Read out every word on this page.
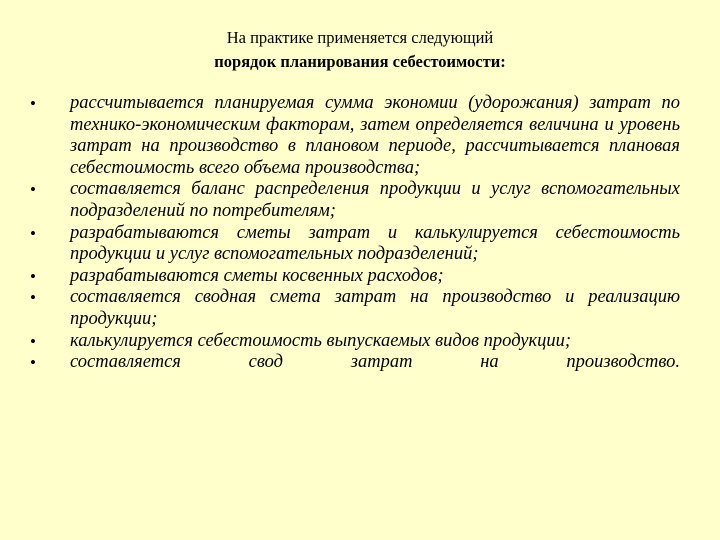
На практике применяется следующий
порядок планирования себестоимости:
•	рассчитывается планируемая сумма экономии (удорожания) затрат по технико-экономическим факторам, затем определяется величина и уровень затрат на производство в плановом периоде, рассчитывается плановая себестоимость всего объема производства;
•	составляется баланс распределения продукции и услуг вспомогательных подразделений по потребителям;
•	разрабатываются сметы затрат и калькулируется себестоимость продукции и услуг вспомогательных подразделений;
•	разрабатываются сметы косвенных расходов;
•	составляется сводная смета затрат на производство и реализацию продукции;
•	калькулируется себестоимость выпускаемых видов продукции;
•	составляется свод затрат на производство.
